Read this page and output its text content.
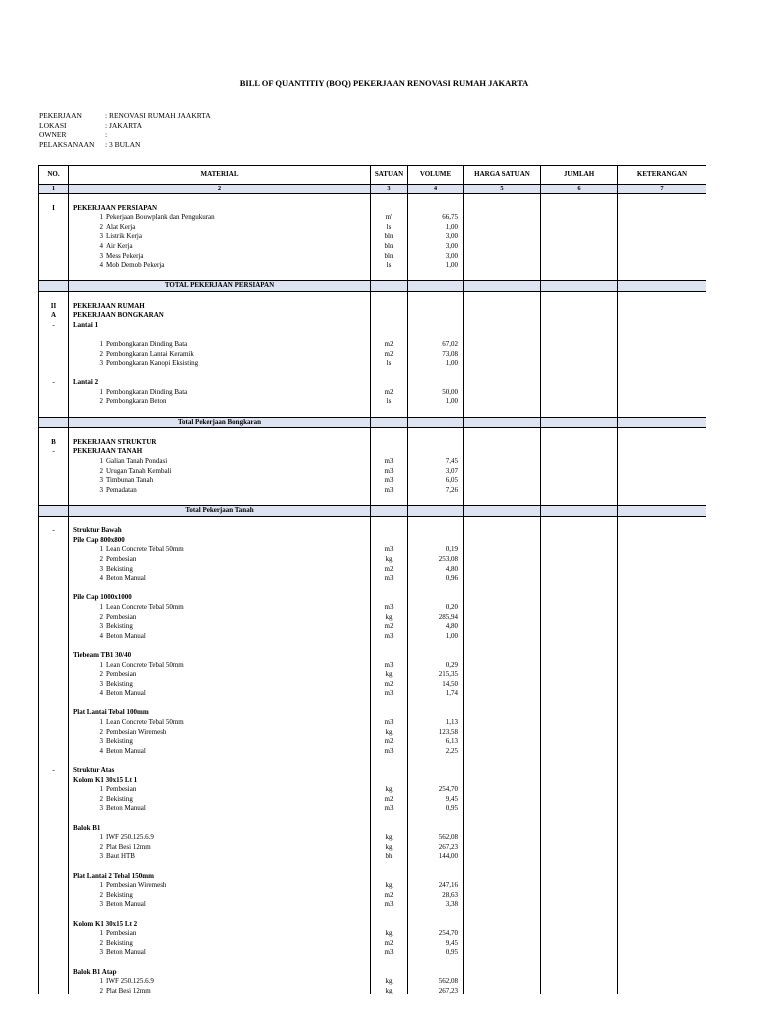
BILL OF QUANTITIY (BOQ) PEKERJAAN RENOVASI RUMAH JAKARTA
PEKERJAAN	: RENOVASI RUMAH JAAKRTA
LOKASI	: JAKARTA
OWNER	:
PELAKSANAAN	: 3 BULAN
NO.	MATERIAL	SATUAN	VOLUME	HARGA SATUAN	JUMLAH	KETERANGAN
1	2	3	4	5	6	7

I	PEKERJAAN PERSIAPAN					
	1 Pekerjaan Bouwplank dan Pengukuran	m'	66,75			
	2 Alat Kerja	ls	1,00			
	3 Listrik Kerja	bln	3,00			
	4 Air Kerja	bln	3,00			
	3 Mess Pekerja	bln	3,00			
	4 Mob Demob Pekerja	ls	1,00			

	TOTAL PEKERJAAN PERSIAPAN					

II	PEKERJAAN RUMAH					
A	PEKERJAAN BONGKARAN					
-	Lantai 1					

	1 Pembongkaran Dinding Bata	m2	67,02			
	2 Pembongkaran Lantai Keramik	m2	73,08			
	3 Pembongkaran Kanopi Eksisting	ls	1,00			

-	Lantai 2					
	1 Pembongkaran Dinding Bata	m2	50,00			
	2 Pembongkaran Beton	ls	1,00			

	Total Pekerjaan Bongkaran					

B	PEKERJAAN STRUKTUR					
-	PEKERJAAN TANAH					
	1 Galian Tanah Pondasi	m3	7,45			
	2 Urugan Tanah Kembali	m3	3,07			
	3 Timbunan Tanah	m3	6,05			
	3 Pemadatan	m3	7,26			

	Total Pekerjaan Tanah					

-	Struktur Bawah					
	Pile Cap 800x800					
	1 Lean Concrete Tebal 50mm	m3	0,19			
	2 Pembesian	kg	253,08			
	3 Bekisting	m2	4,80			
	4 Beton Manual	m3	0,96			

	Pile Cap 1000x1000					
	1 Lean Concrete Tebal 50mm	m3	0,20			
	2 Pembesian	kg	285,94			
	3 Bekisting	m2	4,80			
	4 Beton Manual	m3	1,00			

	Tiebeam TB1 30/40					
	1 Lean Concrete Tebal 50mm	m3	0,29			
	2 Pembesian	kg	215,35			
	3 Bekisting	m2	14,50			
	4 Beton Manual	m3	1,74			

	Plat Lantai Tebal 100mm					
	1 Lean Concrete Tebal 50mm	m3	1,13			
	2 Pembesian Wiremesh	kg	123,58			
	3 Bekisting	m2	6,13			
	4 Beton Manual	m3	2,25			

-	Struktur Atas					
	Kolom K1 30x15 Lt 1					
	1 Pembesian	kg	254,70			
	2 Bekisting	m2	9,45			
	3 Beton Manual	m3	0,95			

	Balok B1					
	1 IWF 250.125.6.9	kg	562,08			
	2 Plat Besi 12mm	kg	267,23			
	3 Baut HTB	bh	144,00			

	Plat Lantai 2 Tebal 150mm					
	1 Pembesian Wiremesh	kg	247,16			
	2 Bekisting	m2	28,63			
	3 Beton Manual	m3	3,38			

	Kolom K1 30x15 Lt 2					
	1 Pembesian	kg	254,70			
	2 Bekisting	m2	9,45			
	3 Beton Manual	m3	0,95			

	Balok B1 Atap					
	1 IWF 250.125.6.9	kg	562,08			
	2 Plat Besi 12mm	kg	267,23			
